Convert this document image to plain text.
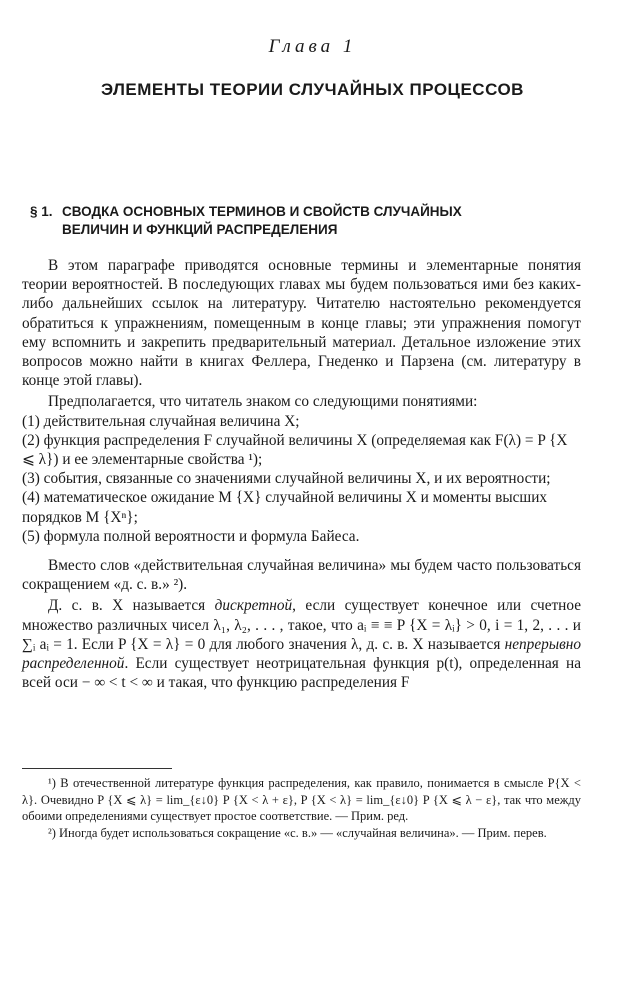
Глава 1
ЭЛЕМЕНТЫ ТЕОРИИ СЛУЧАЙНЫХ ПРОЦЕССОВ
§ 1. СВОДКА ОСНОВНЫХ ТЕРМИНОВ И СВОЙСТВ СЛУЧАЙНЫХ
ВЕЛИЧИН И ФУНКЦИЙ РАСПРЕДЕЛЕНИЯ

В этом параграфе приводятся основные термины и элементарные понятия теории вероятностей. В последующих главах мы будем пользоваться ими без каких-либо дальнейших ссылок на литературу. Читателю настоятельно рекомендуется обратиться к упражнениям, помещенным в конце главы; эти упражнения помогут ему вспомнить и закрепить предварительный материал. Детальное изложение этих вопросов можно найти в книгах Феллера, Гнеденко и Парзена (см. литературу в конце этой главы).

Предполагается, что читатель знаком со следующими понятиями:

(1) действительная случайная величина X;

(2) функция распределения F случайной величины X (определяемая как F(λ) = P {X ⩽ λ}) и ее элементарные свойства ¹);

(3) события, связанные со значениями случайной величины X, и их вероятности;

(4) математическое ожидание M {X} случайной величины X и моменты высших порядков M {Xⁿ};

(5) формула полной вероятности и формула Байеса.

Вместо слов «действительная случайная величина» мы будем часто пользоваться сокращением «д. с. в.» ²).

Д. с. в. X называется дискретной, если существует конечное или счетное множество различных чисел λ₁, λ₂, . . . , такое, что aᵢ ≡ ≡ P {X = λᵢ} > 0, i = 1, 2, . . . и ∑ᵢ aᵢ = 1. Если P {X = λ} = 0 для любого значения λ, д. с. в. X называется непрерывно распределенной. Если существует неотрицательная функция p(t), определенная на всей оси − ∞ < t < ∞ и такая, что функцию распределения F

¹) В отечественной литературе функция распределения, как правило, понимается в смысле P{X < λ}. Очевидно P {X ⩽ λ} = lim_{ε↓0} P {X < λ + ε}, P {X < λ} = lim_{ε↓0} P {X ⩽ λ − ε}, так что между обоими определениями существует простое соответствие. — Прим. ред.

²) Иногда будет использоваться сокращение «с. в.» — «случайная величина». — Прим. перев.
